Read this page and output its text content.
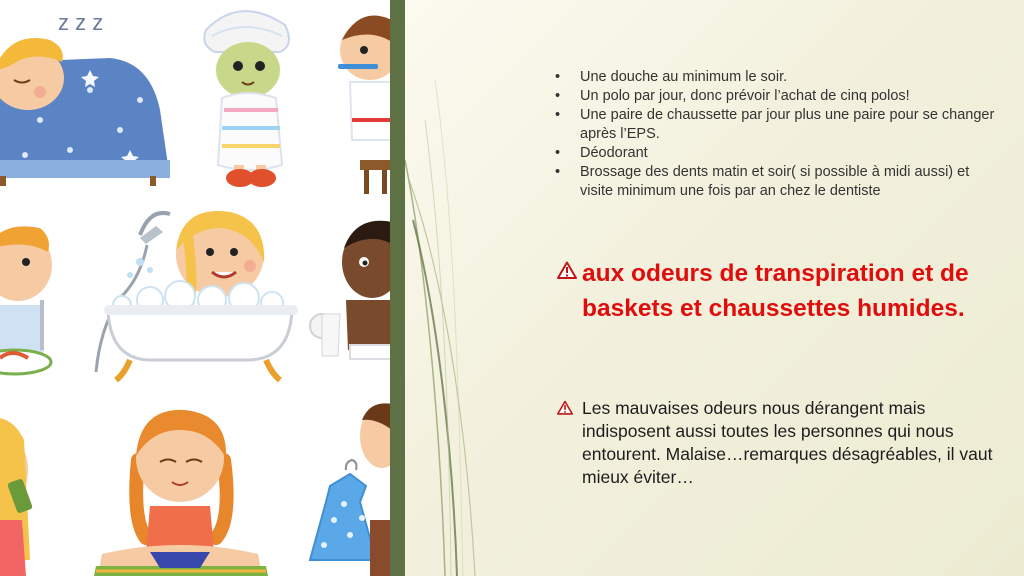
z z z
•	Une douche au minimum le soir.
•	Un polo par jour, donc prévoir l’achat de cinq polos!
•	Une paire de chaussette par jour plus une paire pour se changer après l’EPS.
•	Déodorant
•	Brossage des dents matin et soir( si possible à midi aussi) et visite minimum une fois par an chez le dentiste
aux odeurs de transpiration et de baskets et chaussettes humides.
Les mauvaises odeurs nous dérangent mais indisposent aussi toutes les personnes qui nous entourent. Malaise…remarques désagréables, il vaut mieux éviter…
